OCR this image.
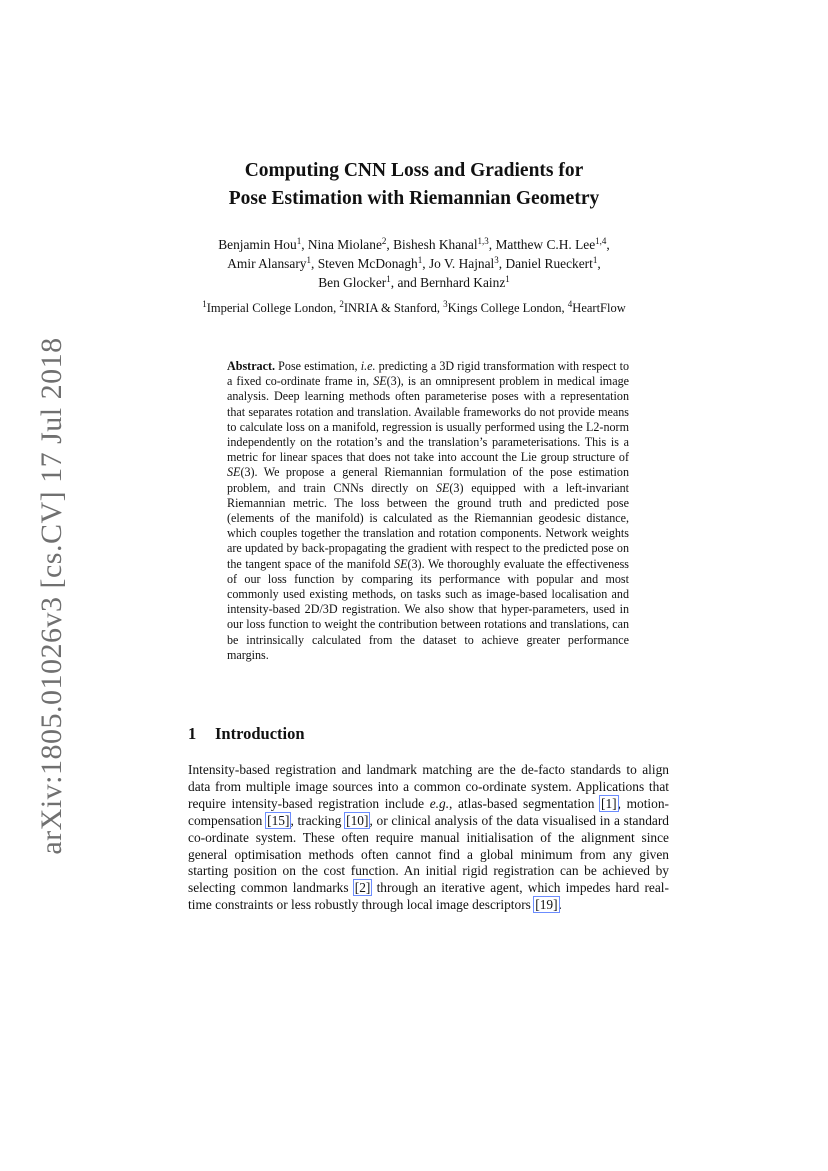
arXiv:1805.01026v3 [cs.CV] 17 Jul 2018
Computing CNN Loss and Gradients for
Pose Estimation with Riemannian Geometry
Benjamin Hou$^1$, Nina Miolane$^2$, Bishesh Khanal$^{1,3}$, Matthew C.H. Lee$^{1,4}$,
Amir Alansary$^1$, Steven McDonagh$^1$, Jo V. Hajnal$^3$, Daniel Rueckert$^1$,
Ben Glocker$^1$, and Bernhard Kainz$^1$
$^1$Imperial College London, $^2$INRIA & Stanford, $^3$Kings College London, $^4$HeartFlow
Abstract. Pose estimation, i.e. predicting a 3D rigid transformation with respect to a fixed co-ordinate frame in, SE(3), is an omnipresent problem in medical image analysis. Deep learning methods often parameterise poses with a representation that separates rotation and translation. Available frameworks do not provide means to calculate loss on a manifold, regression is usually performed using the L2-norm independently on the rotation’s and the translation’s parameterisations. This is a metric for linear spaces that does not take into account the Lie group structure of SE(3). We propose a general Riemannian formulation of the pose estimation problem, and train CNNs directly on SE(3) equipped with a left-invariant Riemannian metric. The loss between the ground truth and predicted pose (elements of the manifold) is calculated as the Riemannian geodesic distance, which couples together the translation and rotation components. Network weights are updated by back-propagating the gradient with respect to the predicted pose on the tangent space of the manifold SE(3). We thoroughly evaluate the effectiveness of our loss function by comparing its performance with popular and most commonly used existing methods, on tasks such as image-based localisation and intensity-based 2D/3D registration. We also show that hyper-parameters, used in our loss function to weight the contribution between rotations and translations, can be intrinsically calculated from the dataset to achieve greater performance margins.
1 Introduction
Intensity-based registration and landmark matching are the de-facto standards to align data from multiple image sources into a common co-ordinate system. Applications that require intensity-based registration include e.g., atlas-based segmentation [1], motion-compensation [15], tracking [10], or clinical analysis of the data visualised in a standard co-ordinate system. These often require manual initialisation of the alignment since general optimisation methods often cannot find a global minimum from any given starting position on the cost function. An initial rigid registration can be achieved by selecting common landmarks [2] through an iterative agent, which impedes hard real-time constraints or less robustly through local image descriptors [19].
